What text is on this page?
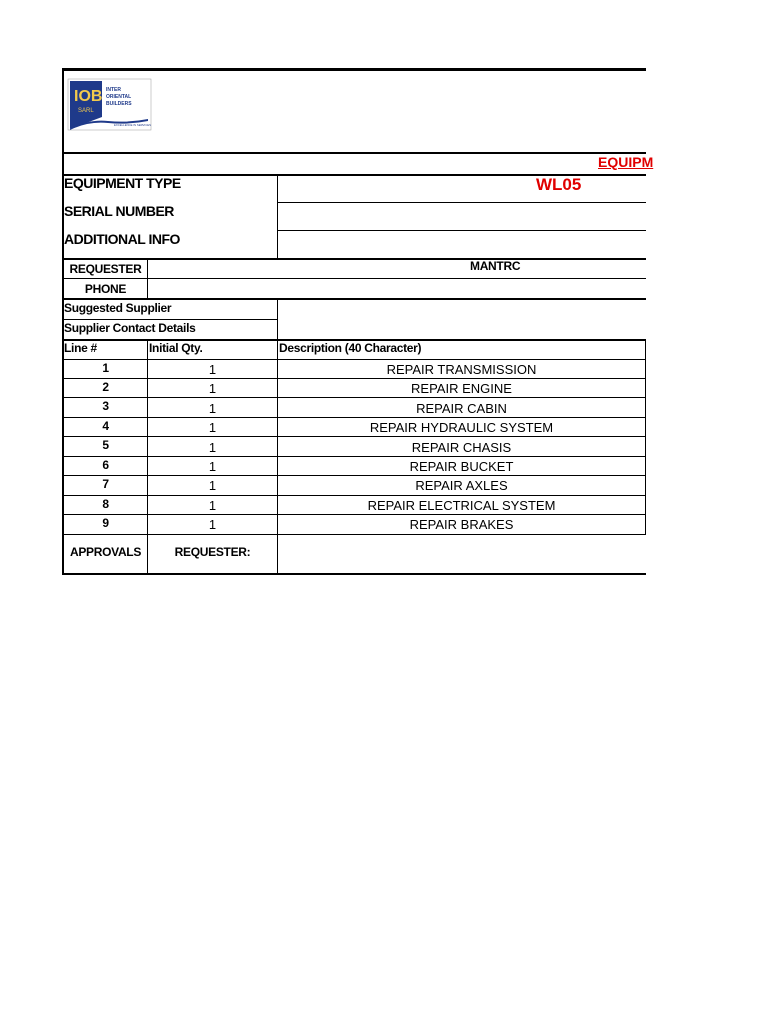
IOB
SARL
INTER
ORIENTAL
BUILDERS
EXCELLENCE IN SERVICES
EQUIPM
EQUIPMENT TYPE	WL05
SERIAL NUMBER
ADDITIONAL INFO
REQUESTER	MANTRC
PHONE
Suggested Supplier
Supplier Contact Details
Line #	Initial Qty.	Description (40 Character)
1	1	REPAIR TRANSMISSION
2	1	REPAIR ENGINE
3	1	REPAIR CABIN
4	1	REPAIR HYDRAULIC SYSTEM
5	1	REPAIR CHASIS
6	1	REPAIR BUCKET
7	1	REPAIR AXLES
8	1	REPAIR ELECTRICAL SYSTEM
9	1	REPAIR BRAKES
APPROVALS	REQUESTER:
